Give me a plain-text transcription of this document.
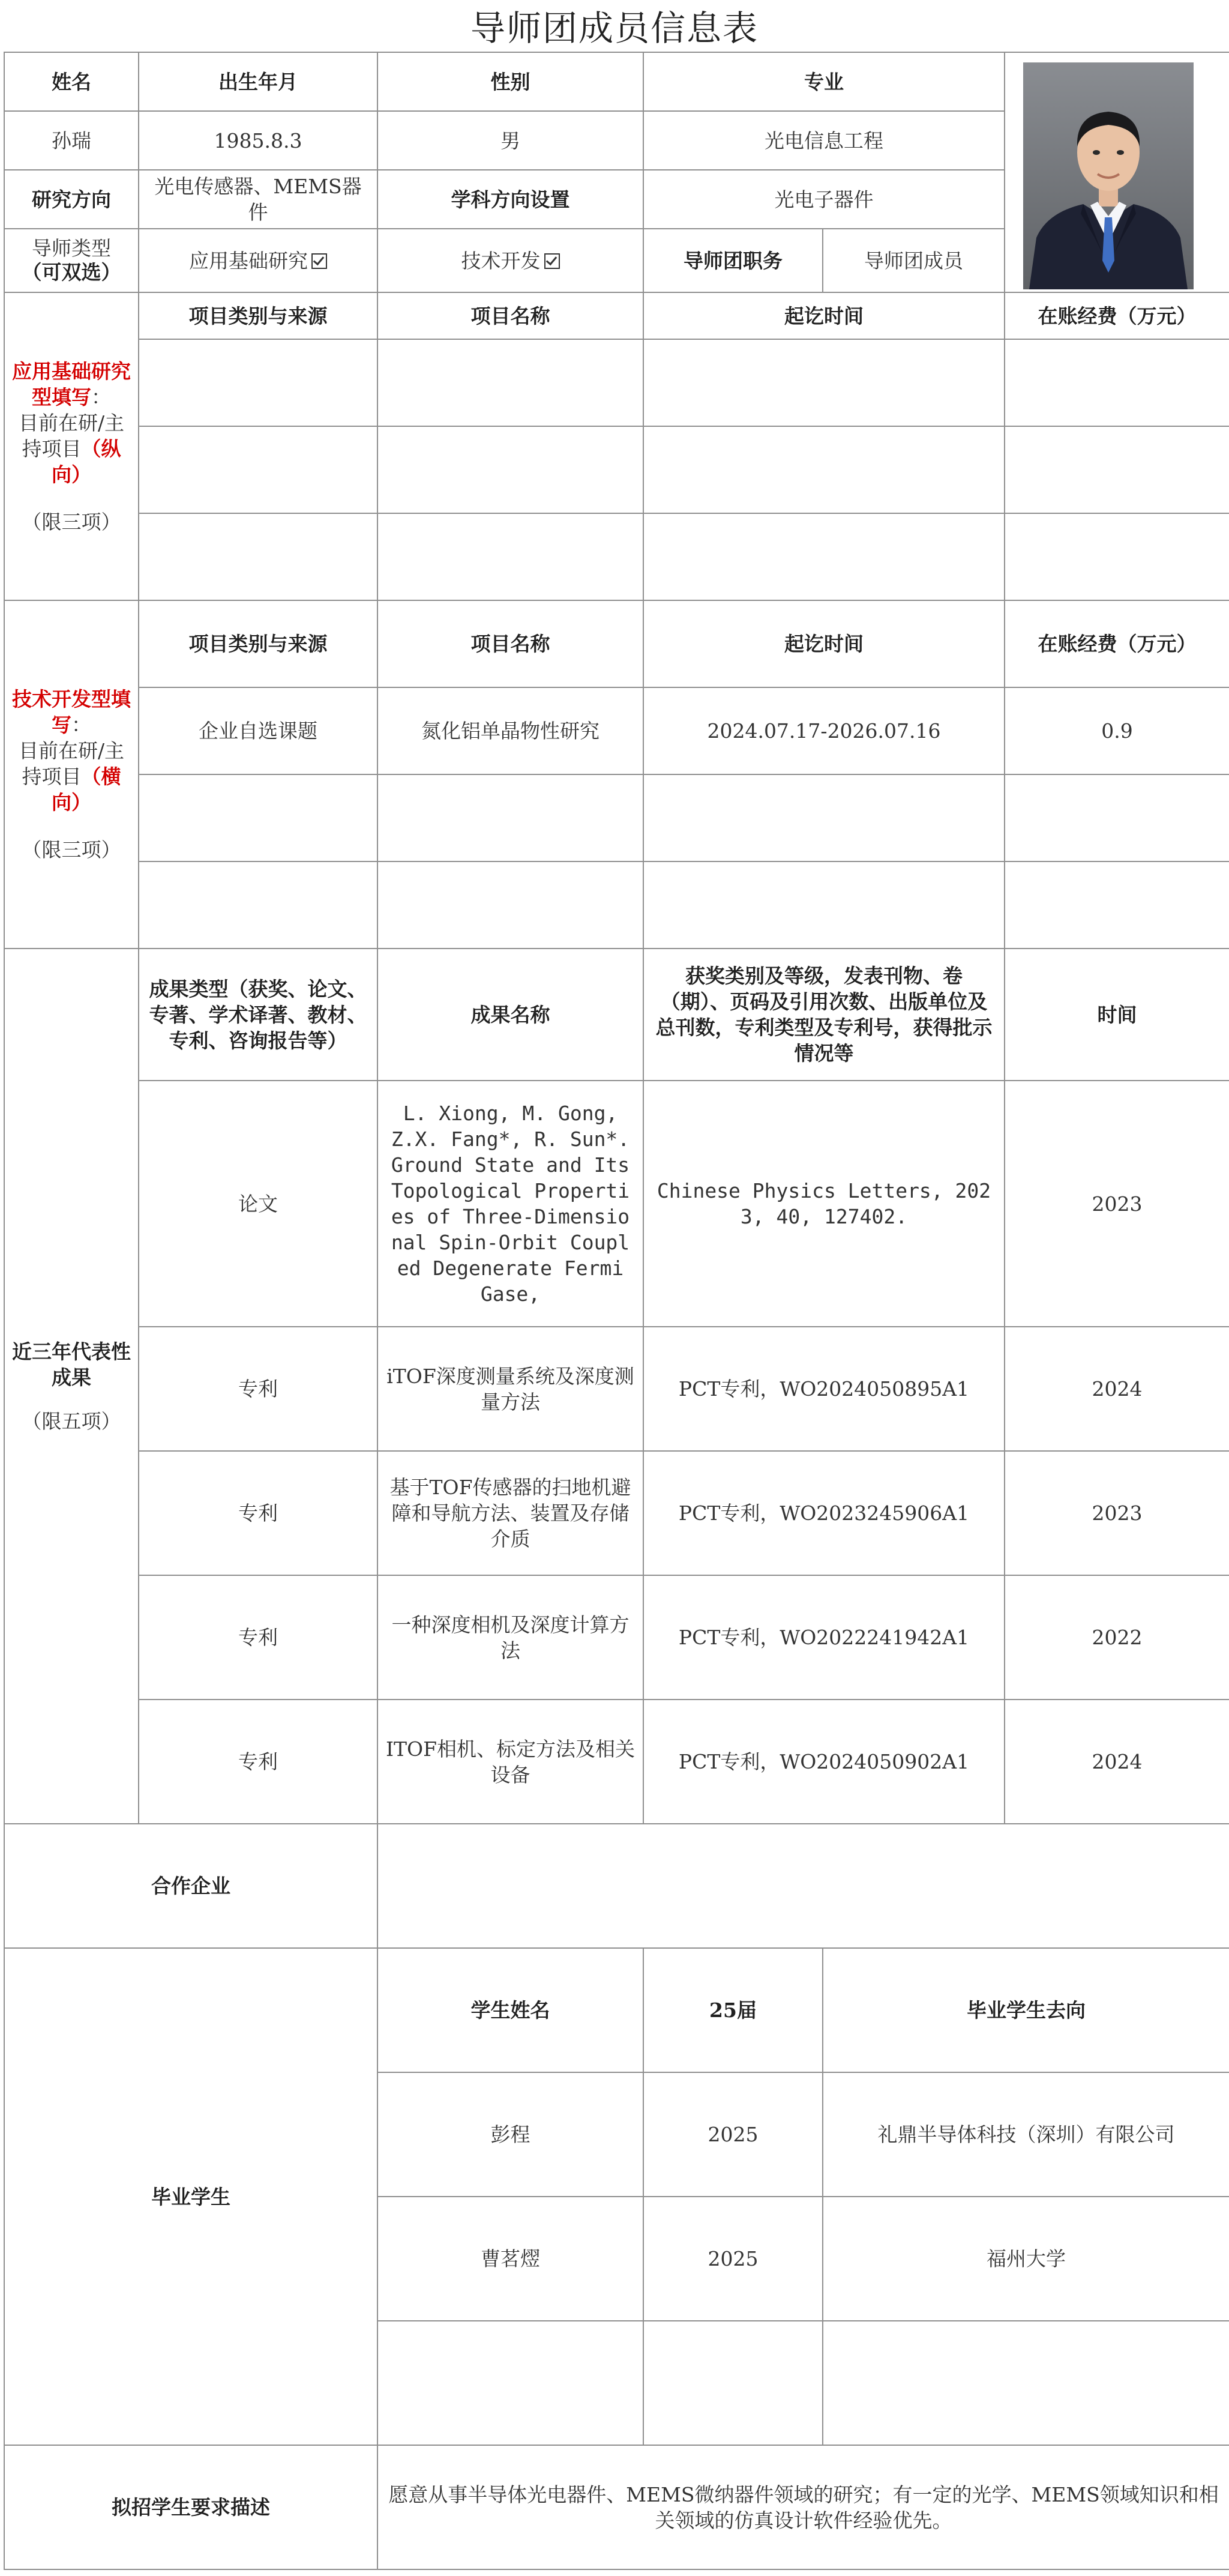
导师团成员信息表
姓名	出生年月	性别	专业	

孙瑞	1985.8.3	男	光电信息工程		
研究方向	光电传感器、MEMS器件	学科方向设置	光电子器件		

导师类型
（可双选）	应用基础研究	技术开发	导师团职务	导师团成员	

应用基础研究型填写：
目前在研/主持项目（纵向）
（限三项）	项目类别与来源	项目名称	起讫时间		在账经费（万元）

技术开发型填写：
目前在研/主持项目（横向）
（限三项）	项目类别与来源	项目名称	起讫时间		在账经费（万元）
	企业自选课题	氮化铝单晶物性研究	2024.07.17-2026.07.16		0.9

近三年代表性成果
（限五项）	成果类型（获奖、论文、专著、学术译著、教材、专利、咨询报告等）	成果名称	获奖类别及等级，发表刊物、卷（期）、页码及引用次数、出版单位及总刊数，专利类型及专利号，获得批示情况等		时间
	论文	L. Xiong, M. Gong, Z.X. Fang*, R. Sun*. Ground State and Its Topological Properties of Three-Dimensional Spin-Orbit Coupled Degenerate Fermi Gase,	Chinese Physics Letters, 2023, 40, 127402.		2023
	专利	iTOF深度测量系统及深度测量方法	PCT专利，WO2024050895A1		2024
	专利	基于TOF传感器的扫地机避障和导航方法、装置及存储介质	PCT专利，WO2023245906A1		2023
	专利	一种深度相机及深度计算方法	PCT专利，WO2022241942A1		2022
	专利	ITOF相机、标定方法及相关设备	PCT专利，WO2024050902A1		2024
合作企业					
毕业学生		学生姓名	25届	毕业学生去向	
		彭程	2025	礼鼎半导体科技（深圳）有限公司	
		曹茗熤	2025	福州大学	

拟招学生要求描述		愿意从事半导体光电器件、MEMS微纳器件领域的研究；有一定的光学、MEMS领域知识和相关领域的仿真设计软件经验优先。			
